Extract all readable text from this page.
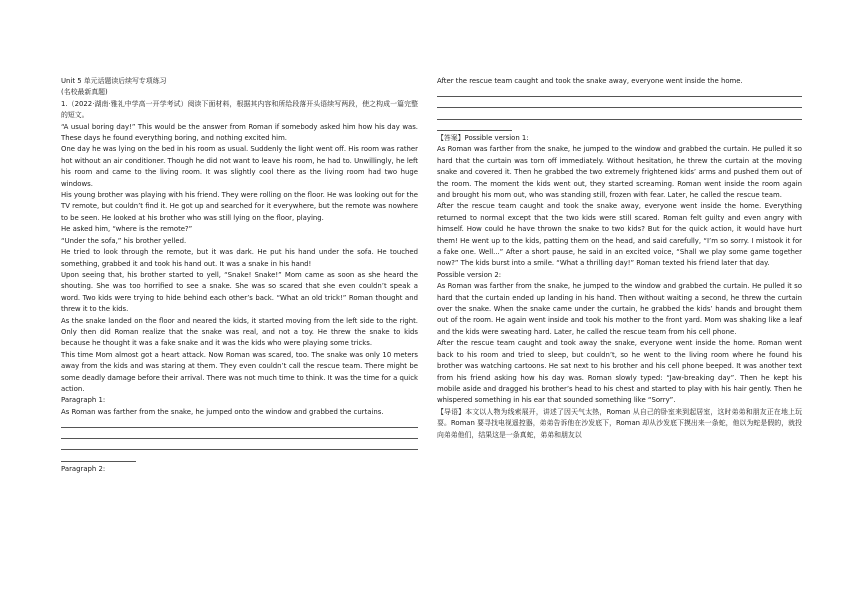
Unit 5 单元话题读后续写专项练习

(名校最新真题)

1.（2022·湖南·雅礼中学高一开学考试）阅读下面材料，根据其内容和所给段落开头语续写两段，使之构成一篇完整的短文。

“A usual boring day!” This would be the answer from Roman if somebody asked him how his day was. These days he found everything boring, and nothing excited him.

One day he was lying on the bed in his room as usual. Suddenly the light went off. His room was rather hot without an air conditioner. Though he did not want to leave his room, he had to. Unwillingly, he left his room and came to the living room. It was slightly cool there as the living room had two huge windows.

His young brother was playing with his friend. They were rolling on the floor. He was looking out for the TV remote, but couldn’t find it. He got up and searched for it everywhere, but the remote was nowhere to be seen. He looked at his brother who was still lying on the floor, playing.

He asked him, “where is the remote?”

“Under the sofa,” his brother yelled.

He tried to look through the remote, but it was dark. He put his hand under the sofa. He touched something, grabbed it and took his hand out. It was a snake in his hand!

Upon seeing that, his brother started to yell, “Snake! Snake!” Mom came as soon as she heard the shouting. She was too horrified to see a snake. She was so scared that she even couldn’t speak a word. Two kids were trying to hide behind each other’s back. “What an old trick!” Roman thought and threw it to the kids.

As the snake landed on the floor and neared the kids, it started moving from the left side to the right. Only then did Roman realize that the snake was real, and not a toy. He threw the snake to kids because he thought it was a fake snake and it was the kids who were playing some tricks.

This time Mom almost got a heart attack. Now Roman was scared, too. The snake was only 10 meters away from the kids and was staring at them. They even couldn’t call the rescue team. There might be some deadly damage before their arrival. There was not much time to think. It was the time for a quick action.

Paragraph 1:

As Roman was farther from the snake, he jumped onto the window and grabbed the curtains.

Paragraph 2:

After the rescue team caught and took the snake away, everyone went inside the home.

【答案】Possible version 1:

As Roman was farther from the snake, he jumped to the window and grabbed the curtain. He pulled it so hard that the curtain was torn off immediately. Without hesitation, he threw the curtain at the moving snake and covered it. Then he grabbed the two extremely frightened kids’ arms and pushed them out of the room. The moment the kids went out, they started screaming. Roman went inside the room again and brought his mom out, who was standing still, frozen with fear. Later, he called the rescue team.

After the rescue team caught and took the snake away, everyone went inside the home. Everything returned to normal except that the two kids were still scared. Roman felt guilty and even angry with himself. How could he have thrown the snake to two kids? But for the quick action, it would have hurt them! He went up to the kids, patting them on the head, and said carefully, “I’m so sorry. I mistook it for a fake one. Well...” After a short pause, he said in an excited voice, “Shall we play some game together now?” The kids burst into a smile. “What a thrilling day!” Roman texted his friend later that day.

Possible version 2:

As Roman was farther from the snake, he jumped to the window and grabbed the curtain. He pulled it so hard that the curtain ended up landing in his hand. Then without waiting a second, he threw the curtain over the snake. When the snake came under the curtain, he grabbed the kids’ hands and brought them out of the room. He again went inside and took his mother to the front yard. Mom was shaking like a leaf and the kids were sweating hard. Later, he called the rescue team from his cell phone.

After the rescue team caught and took away the snake, everyone went inside the home. Roman went back to his room and tried to sleep, but couldn’t, so he went to the living room where he found his brother was watching cartoons. He sat next to his brother and his cell phone beeped. It was another text from his friend asking how his day was. Roman slowly typed: “Jaw-breaking day”. Then he kept his mobile aside and dragged his brother’s head to his chest and started to play with his hair gently. Then he whispered something in his ear that sounded something like “Sorry”.

【导语】本文以人物为线索展开，讲述了因天气太热，Roman 从自己的卧室来到起居室，这时弟弟和朋友正在地上玩耍。Roman 要寻找电视遥控器，弟弟告诉他在沙发底下，Roman 却从沙发底下摸出来一条蛇，他以为蛇是假的，就投向弟弟他们，结果这是一条真蛇，弟弟和朋友以
